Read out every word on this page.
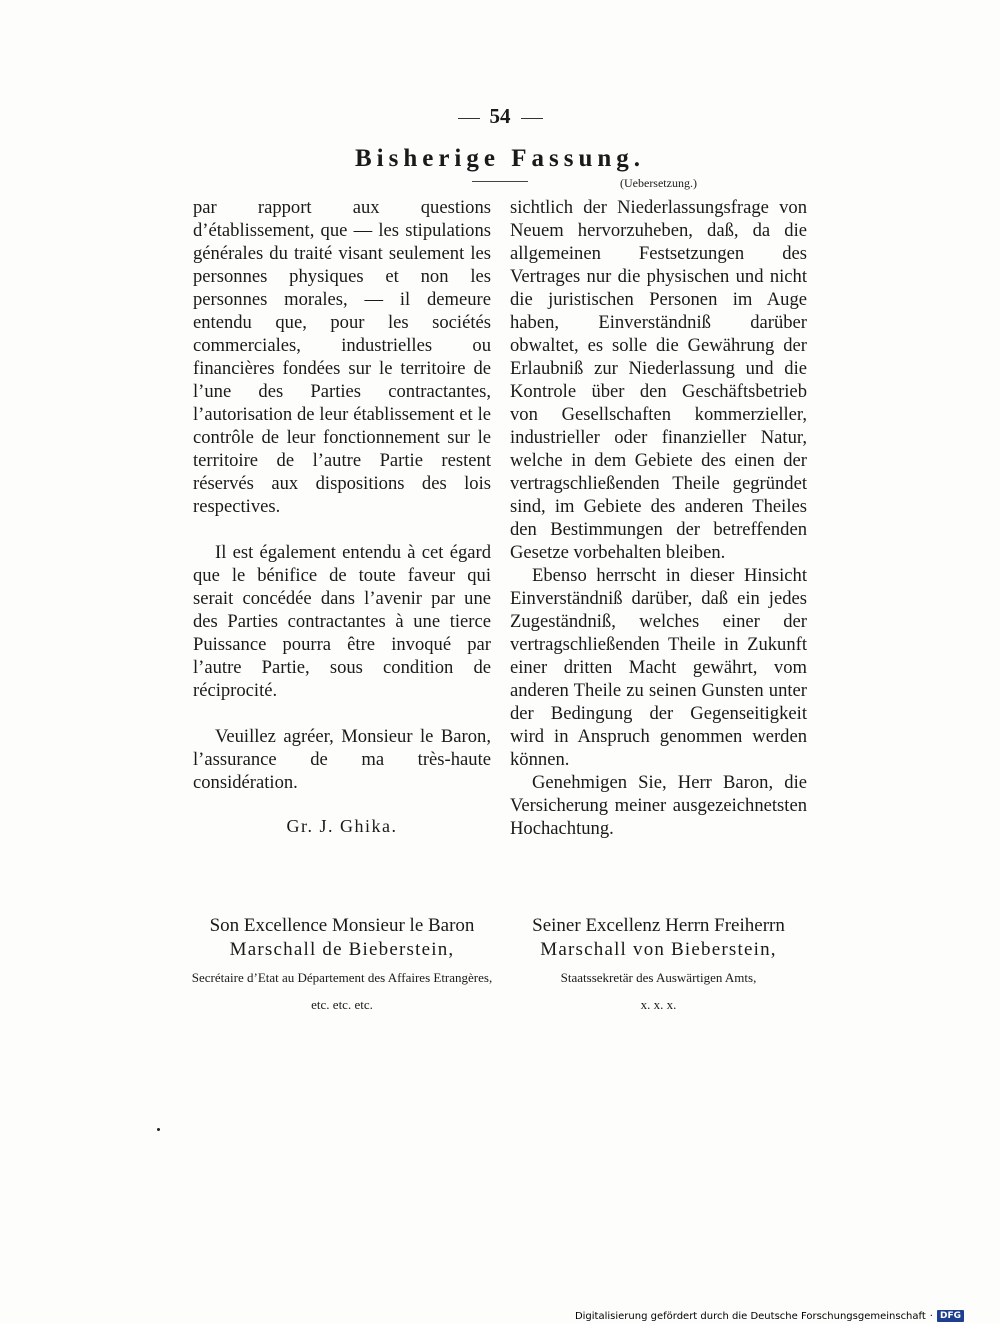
54
Bisherige Fassung.
(Uebersetzung.)

par rapport aux questions d’établissement, que — les stipulations générales du traité visant seulement les personnes physiques et non les personnes morales, — il demeure entendu que, pour les sociétés commerciales, industrielles ou financières fondées sur le territoire de l’une des Parties contractantes, l’autorisation de leur établissement et le contrôle de leur fonctionnement sur le territoire de l’autre Partie restent réservés aux dispositions des lois respectives.

Il est également entendu à cet égard que le bénifice de toute faveur qui serait concédée dans l’avenir par une des Parties contractantes à une tierce Puissance pourra être invoqué par l’autre Partie, sous condition de réciprocité.

Veuillez agréer, Monsieur le Baron, l’assurance de ma très-haute considération.

Gr. J. Ghika.

sichtlich der Niederlassungsfrage von Neuem hervorzuheben, daß, da die allgemeinen Festsetzungen des Vertrages nur die physischen und nicht die juristischen Personen im Auge haben, Einverständniß darüber obwaltet, es solle die Gewährung der Erlaubniß zur Niederlassung und die Kontrole über den Geschäftsbetrieb von Gesellschaften kommerzieller, industrieller oder finanzieller Natur, welche in dem Gebiete des einen der vertragschließenden Theile gegründet sind, im Gebiete des anderen Theiles den Bestimmungen der betreffenden Gesetze vorbehalten bleiben.

Ebenso herrscht in dieser Hinsicht Einverständniß darüber, daß ein jedes Zugeständniß, welches einer der vertragschließenden Theile in Zukunft einer dritten Macht gewährt, vom anderen Theile zu seinen Gunsten unter der Bedingung der Gegenseitigkeit wird in Anspruch genommen werden können.

Genehmigen Sie, Herr Baron, die Versicherung meiner ausgezeichnetsten Hochachtung.

Son Excellence Monsieur le Baron
Marschall de Bieberstein,
Secrétaire d’Etat au Département des Affaires Etrangères,
etc. etc. etc.
Seiner Excellenz Herrn Freiherrn
Marschall von Bieberstein,
Staatssekretär des Auswärtigen Amts,
x. x. x.
Digitalisierung gefördert durch die Deutsche Forschungsgemeinschaft · DFG
